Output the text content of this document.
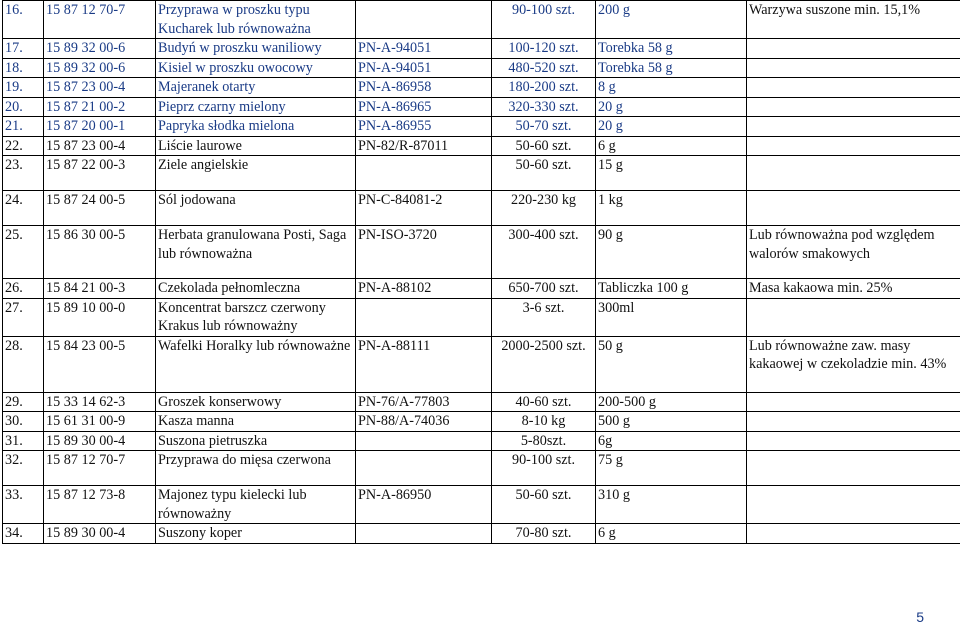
16.	15 87 12 70-7	Przyprawa w proszku typu Kucharek lub równoważna		90-100 szt.	200 g	Warzywa suszone min. 15,1%
17.	15 89 32 00-6	Budyń w proszku waniliowy	PN-A-94051	100-120 szt.	Torebka 58 g	
18.	15 89 32 00-6	Kisiel w proszku owocowy	PN-A-94051	480-520 szt.	Torebka 58 g	
19.	15 87 23 00-4	Majeranek otarty	PN-A-86958	180-200 szt.	8 g	
20.	15 87 21 00-2	Pieprz czarny mielony	PN-A-86965	320-330 szt.	20 g	
21.	15 87 20 00-1	Papryka słodka mielona	PN-A-86955	50-70 szt.	20 g	
22.	15 87 23 00-4	Liście laurowe	PN-82/R-87011	50-60 szt.	6 g	
23.	15 87 22 00-3	Ziele angielskie		50-60 szt.	15 g	
24.	15 87 24 00-5	Sól jodowana	PN-C-84081-2	220-230 kg	1 kg	
25.	15 86 30 00-5	Herbata granulowana Posti, Saga lub równoważna	PN-ISO-3720	300-400 szt.	90 g	Lub równoważna pod względem walorów smakowych
26.	15 84 21 00-3	Czekolada pełnomleczna	PN-A-88102	650-700 szt.	Tabliczka 100 g	Masa kakaowa min. 25%
27.	15 89 10 00-0	Koncentrat barszcz czerwony Krakus lub równoważny		3-6 szt.	300ml	
28.	15 84 23 00-5	Wafelki Horalky lub równoważne	PN-A-88111	2000-2500 szt.	50 g	Lub równoważne zaw. masy kakaowej w czekoladzie min. 43%
29.	15 33 14 62-3	Groszek konserwowy	PN-76/A-77803	40-60 szt.	200-500 g	
30.	15 61 31 00-9	Kasza manna	PN-88/A-74036	8-10 kg	500 g	
31.	15 89 30 00-4	Suszona pietruszka		5-80szt.	6g	
32.	15 87 12 70-7	Przyprawa do mięsa czerwona		90-100 szt.	75 g	
33.	15 87 12 73-8	Majonez typu kielecki lub równoważny	PN-A-86950	50-60 szt.	310 g	
34.	15 89 30 00-4	Suszony koper		70-80 szt.	6 g	
5
